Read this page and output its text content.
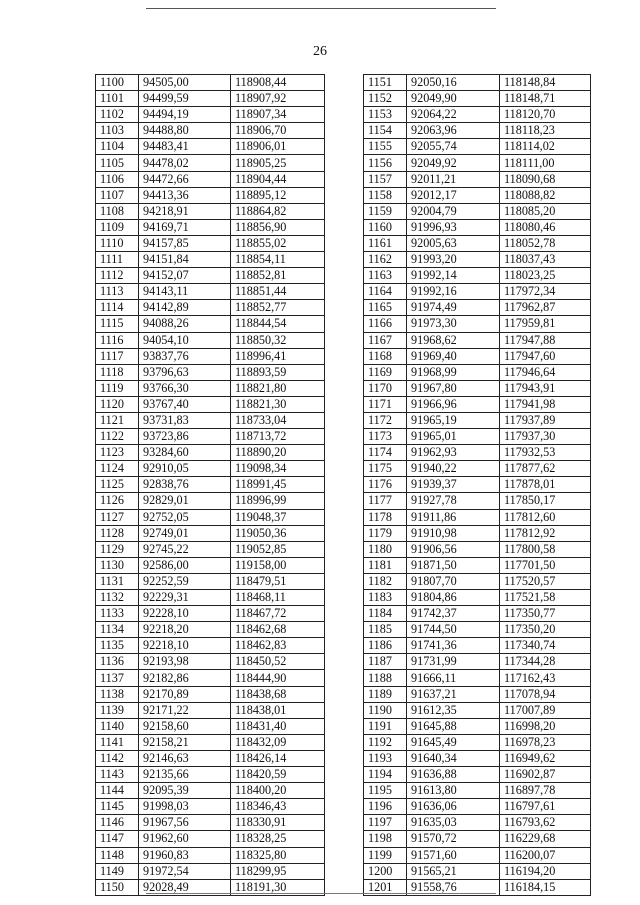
26
1100	94505,00	118908,44
1101	94499,59	118907,92
1102	94494,19	118907,34
1103	94488,80	118906,70
1104	94483,41	118906,01
1105	94478,02	118905,25
1106	94472,66	118904,44
1107	94413,36	118895,12
1108	94218,91	118864,82
1109	94169,71	118856,90
1110	94157,85	118855,02
1111	94151,84	118854,11
1112	94152,07	118852,81
1113	94143,11	118851,44
1114	94142,89	118852,77
1115	94088,26	118844,54
1116	94054,10	118850,32
1117	93837,76	118996,41
1118	93796,63	118893,59
1119	93766,30	118821,80
1120	93767,40	118821,30
1121	93731,83	118733,04
1122	93723,86	118713,72
1123	93284,60	118890,20
1124	92910,05	119098,34
1125	92838,76	118991,45
1126	92829,01	118996,99
1127	92752,05	119048,37
1128	92749,01	119050,36
1129	92745,22	119052,85
1130	92586,00	119158,00
1131	92252,59	118479,51
1132	92229,31	118468,11
1133	92228,10	118467,72
1134	92218,20	118462,68
1135	92218,10	118462,83
1136	92193,98	118450,52
1137	92182,86	118444,90
1138	92170,89	118438,68
1139	92171,22	118438,01
1140	92158,60	118431,40
1141	92158,21	118432,09
1142	92146,63	118426,14
1143	92135,66	118420,59
1144	92095,39	118400,20
1145	91998,03	118346,43
1146	91967,56	118330,91
1147	91962,60	118328,25
1148	91960,83	118325,80
1149	91972,54	118299,95
1150	92028,49	118191,30
1151	92050,16	118148,84
1152	92049,90	118148,71
1153	92064,22	118120,70
1154	92063,96	118118,23
1155	92055,74	118114,02
1156	92049,92	118111,00
1157	92011,21	118090,68
1158	92012,17	118088,82
1159	92004,79	118085,20
1160	91996,93	118080,46
1161	92005,63	118052,78
1162	91993,20	118037,43
1163	91992,14	118023,25
1164	91992,16	117972,34
1165	91974,49	117962,87
1166	91973,30	117959,81
1167	91968,62	117947,88
1168	91969,40	117947,60
1169	91968,99	117946,64
1170	91967,80	117943,91
1171	91966,96	117941,98
1172	91965,19	117937,89
1173	91965,01	117937,30
1174	91962,93	117932,53
1175	91940,22	117877,62
1176	91939,37	117878,01
1177	91927,78	117850,17
1178	91911,86	117812,60
1179	91910,98	117812,92
1180	91906,56	117800,58
1181	91871,50	117701,50
1182	91807,70	117520,57
1183	91804,86	117521,58
1184	91742,37	117350,77
1185	91744,50	117350,20
1186	91741,36	117340,74
1187	91731,99	117344,28
1188	91666,11	117162,43
1189	91637,21	117078,94
1190	91612,35	117007,89
1191	91645,88	116998,20
1192	91645,49	116978,23
1193	91640,34	116949,62
1194	91636,88	116902,87
1195	91613,80	116897,78
1196	91636,06	116797,61
1197	91635,03	116793,62
1198	91570,72	116229,68
1199	91571,60	116200,07
1200	91565,21	116194,20
1201	91558,76	116184,15
